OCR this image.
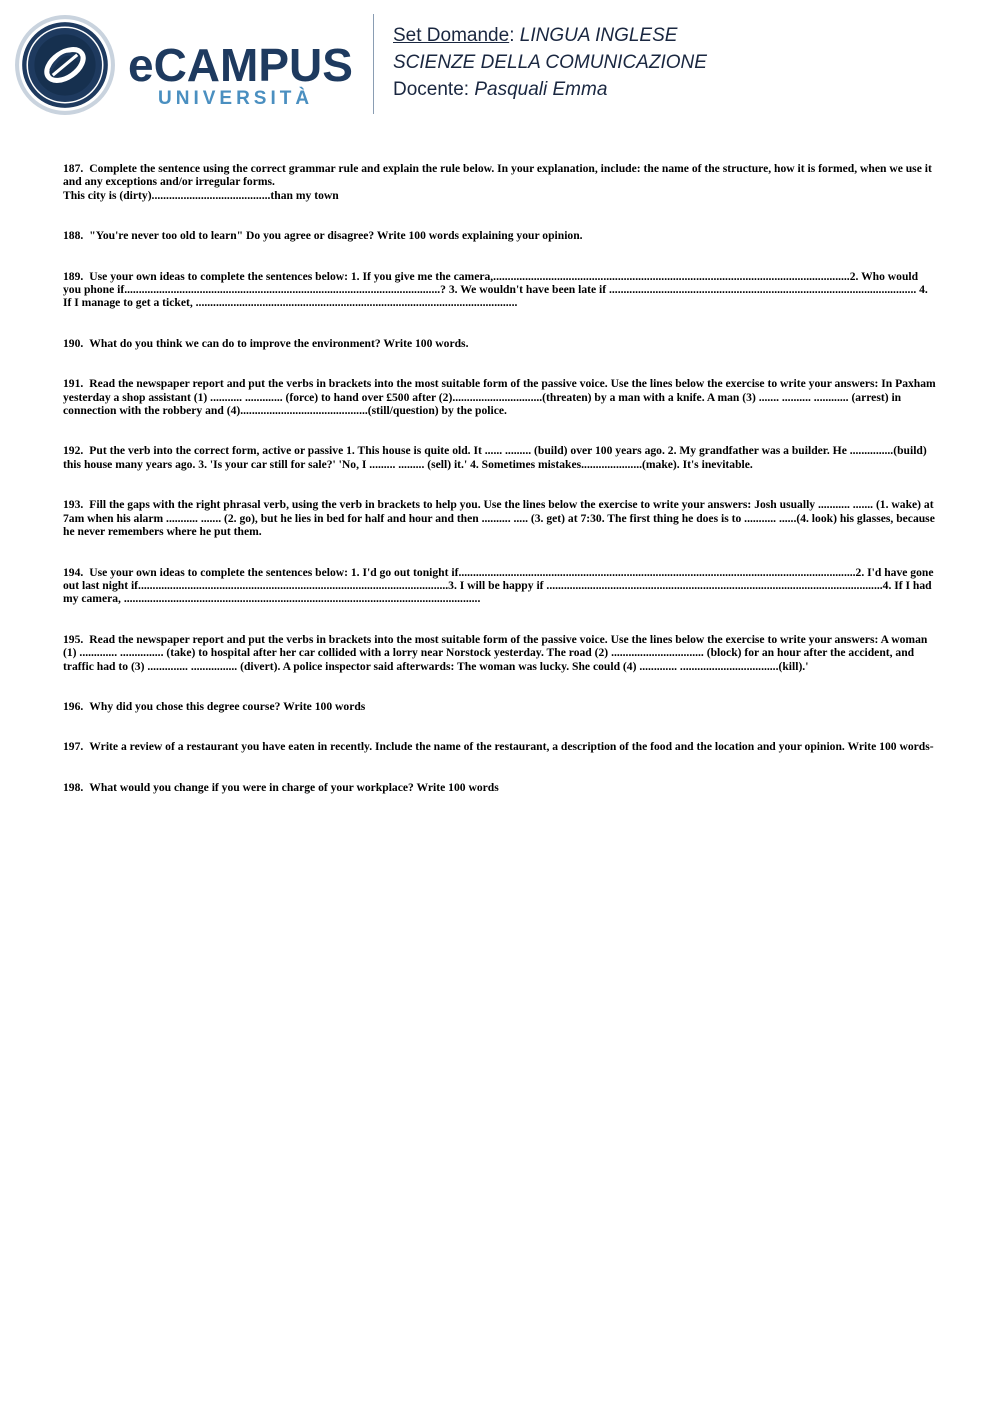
eCAMPUS
UNIVERSITÀ
Set Domande: LINGUA INGLESE
SCIENZE DELLA COMUNICAZIONE
Docente: Pasquali Emma

187. Complete the sentence using the correct grammar rule and explain the rule below. In your explanation, include: the name of the structure, how it is formed, when we use it and any exceptions and/or irregular forms.
This city is (dirty).........................................than my town

188. "You're never too old to learn" Do you agree or disagree? Write 100 words explaining your opinion.

189. Use your own ideas to complete the sentences below: 1. If you give me the camera,...........................................................................................................................2. Who would you phone if.............................................................................................................? 3. We wouldn't have been late if .......................................................................................................... 4. If I manage to get a ticket, ...............................................................................................................

190. What do you think we can do to improve the environment? Write 100 words.

191. Read the newspaper report and put the verbs in brackets into the most suitable form of the passive voice. Use the lines below the exercise to write your answers: In Paxham yesterday a shop assistant (1) ........... ............. (force) to hand over £500 after (2)...............................(threaten) by a man with a knife. A man (3) ....... .......... ............ (arrest) in connection with the robbery and (4)............................................(still/question) by the police.

192. Put the verb into the correct form, active or passive 1. This house is quite old. It ...... ......... (build) over 100 years ago. 2. My grandfather was a builder. He ...............(build) this house many years ago. 3. 'Is your car still for sale?' 'No, I ......... ......... (sell) it.' 4. Sometimes mistakes.....................(make). It's inevitable.

193. Fill the gaps with the right phrasal verb, using the verb in brackets to help you. Use the lines below the exercise to write your answers: Josh usually ........... ....... (1. wake) at 7am when his alarm ........... ....... (2. go), but he lies in bed for half and hour and then .......... ..... (3. get) at 7:30. The first thing he does is to ........... ......(4. look) his glasses, because he never remembers where he put them.

194. Use your own ideas to complete the sentences below: 1. I'd go out tonight if.........................................................................................................................................2. I'd have gone out last night if...........................................................................................................3. I will be happy if ....................................................................................................................4. If I had my camera, ...........................................................................................................................

195. Read the newspaper report and put the verbs in brackets into the most suitable form of the passive voice. Use the lines below the exercise to write your answers: A woman (1) ............. ............... (take) to hospital after her car collided with a lorry near Norstock yesterday. The road (2) ................................ (block) for an hour after the accident, and traffic had to (3) .............. ................ (divert). A police inspector said afterwards: The woman was lucky. She could (4) ............. ..................................(kill).'

196. Why did you chose this degree course? Write 100 words

197. Write a review of a restaurant you have eaten in recently. Include the name of the restaurant, a description of the food and the location and your opinion. Write 100 words-

198. What would you change if you were in charge of your workplace? Write 100 words
